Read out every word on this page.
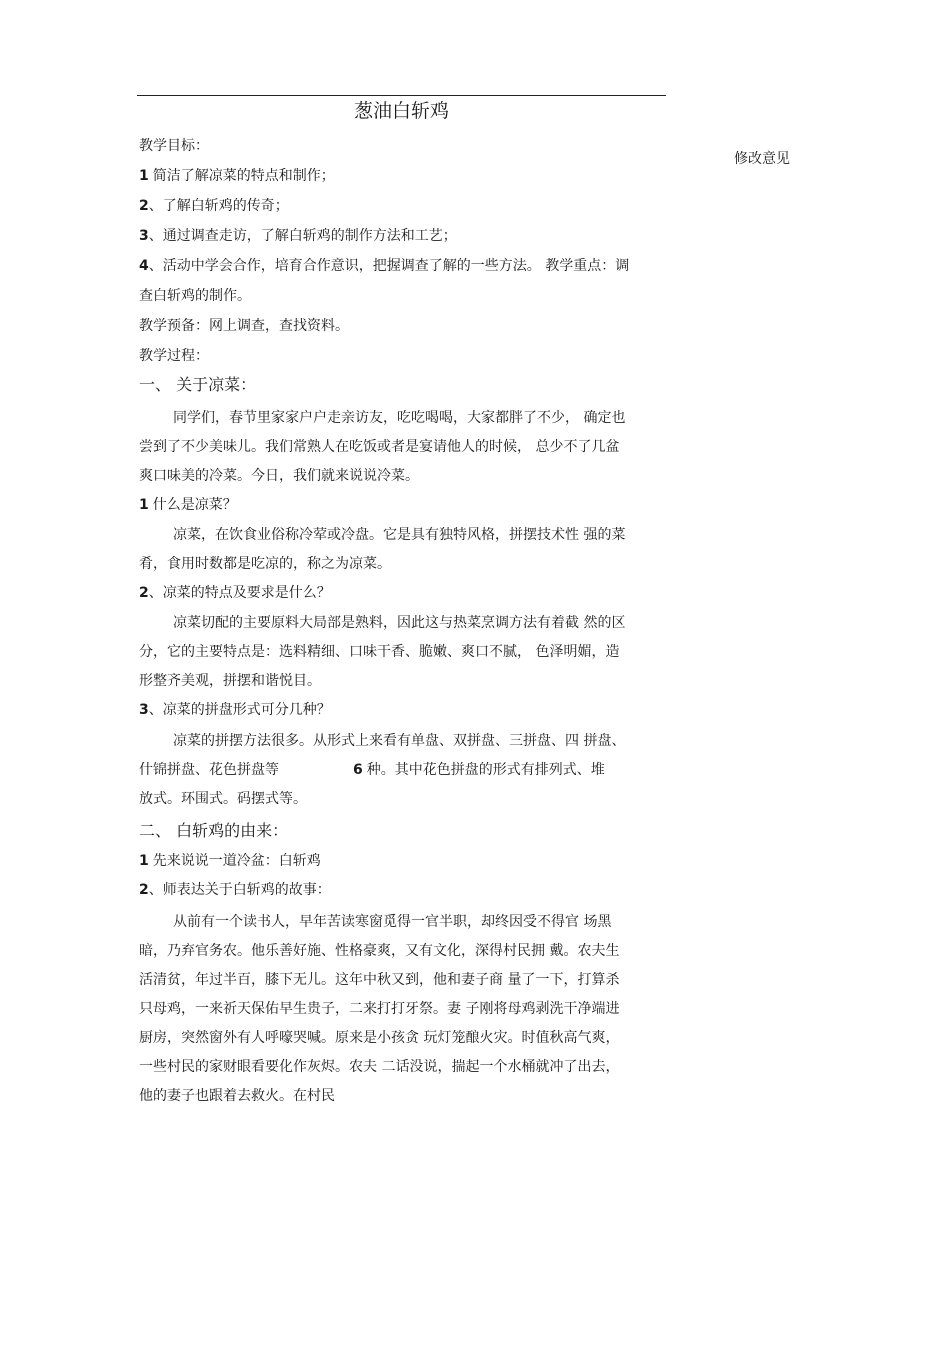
葱油白斩鸡
修改意见
教学目标：
1 简洁了解凉菜的特点和制作；
2、了解白斩鸡的传奇；
3、通过调查走访，了解白斩鸡的制作方法和工艺；
4、活动中学会合作，培育合作意识，把握调查了解的一些方法。 教学重点：调
查白斩鸡的制作。
教学预备：网上调查，查找资料。
教学过程：
一、 关于凉菜：
同学们，春节里家家户户走亲访友，吃吃喝喝，大家都胖了不少， 确定也
尝到了不少美味儿。我们常熟人在吃饭或者是宴请他人的时候， 总少不了几盆
爽口味美的冷菜。今日，我们就来说说冷菜。
1 什么是凉菜？
凉菜，在饮食业俗称冷荤或冷盘。它是具有独特风格，拼摆技术性 强的菜
肴，食用时数都是吃凉的，称之为凉菜。
2、凉菜的特点及要求是什么？
凉菜切配的主要原料大局部是熟料，因此这与热菜烹调方法有着截 然的区
分，它的主要特点是：选料精细、口味干香、脆嫩、爽口不腻， 色泽明媚，造
形整齐美观，拼摆和谐悦目。
3、凉菜的拼盘形式可分几种？
凉菜的拼摆方法很多。从形式上来看有单盘、双拼盘、三拼盘、四 拼盘、
什锦拼盘、花色拼盘等	6 种。其中花色拼盘的形式有排列式、堆
放式。环围式。码摆式等。
二、 白斩鸡的由来：
1 先来说说一道冷盆：白斩鸡
2、师表达关于白斩鸡的故事：
从前有一个读书人，早年苦读寒窗觅得一官半职，却终因受不得官 场黑
暗，乃弃官务农。他乐善好施、性格豪爽，又有文化，深得村民拥 戴。农夫生
活清贫，年过半百，膝下无儿。这年中秋又到，他和妻子商 量了一下，打算杀
只母鸡，一来祈天保佑早生贵子，二来打打牙祭。妻 子刚将母鸡剥洗干净端进
厨房，突然窗外有人呼嚎哭喊。原来是小孩贪 玩灯笼酿火灾。时值秋高气爽，
一些村民的家财眼看要化作灰烬。农夫 二话没说，揣起一个水桶就冲了出去，
他的妻子也跟着去救火。在村民
